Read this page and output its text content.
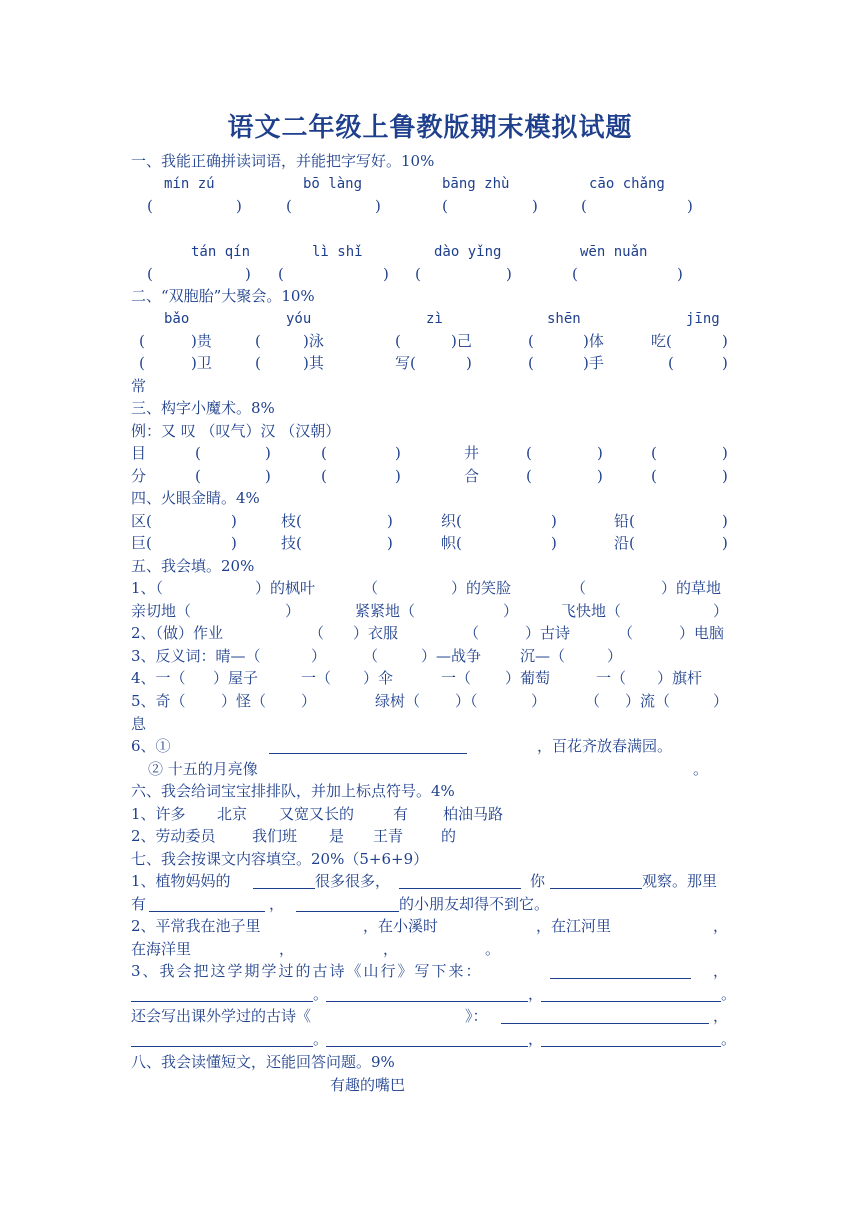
语文二年级上鲁教版期末模拟试题
一、我能正确拼读词语，并能把字写好。10%
mín zú	bō làng	bāng zhù	cāo chǎng
(	)	(	)	(	)	(	)
tán qín	lì shǐ	dào yǐng	wēn nuǎn
(	) (	) (	)	(	)
二、“双胞胎”大聚会。10%
bǎo	yóu	zì	shēn	jīng
(	)贵	(	)泳	(	)己	(	)体	吃(	)
(	)卫	(	)其	写(	)	(	)手	(	)
常
三、构字小魔术。8%
例：又 叹 （叹气）汉 （汉朝）
目	(	)	(	)	井	(	)	(	)
分	(	)	(	)	合	(	)	(	)
四、火眼金睛。4%
区(	)	枝(	)	织(	)	铅(	)
巨(	)	技(	)	帜(	)	沿(	)
五、我会填。20%
1、（	）的枫叶	（	）的笑脸	（	）的草地
亲切地（	）	紧紧地（	）	飞快地（	）
2、（做）作业	（ ）衣服	（	）古诗	（	）电脑
3、反义词：晴—（	） （	）—战争	沉—（	）
4、一（ ）屋子	一（ ）伞	一（ ）葡萄	一（ ）旗杆
5、奇（ ）怪（ ）	绿树（ ）（	）	（ ）流（	）
息
6、①	，百花齐放春满园。
② 十五的月亮像	。
六、我会给词宝宝排排队，并加上标点符号。4%
1、许多 北京 又宽又长的	有 柏油马路
2、劳动委员 我们班 是 王青	的
七、我会按课文内容填空。20%（5+6+9）
1、植物妈妈的	很多很多，	你	观察。那里
有	，	的小朋友却得不到它。
2、平常我在池子里	，在小溪时	，在江河里	，
在海洋里	，	，	。
3、我会把这学期学过的古诗《山行》写下来：	，
。	，	。
还会写出课外学过的古诗《	》：	，
。	，	。
八、我会读懂短文，还能回答问题。9%
有趣的嘴巴
